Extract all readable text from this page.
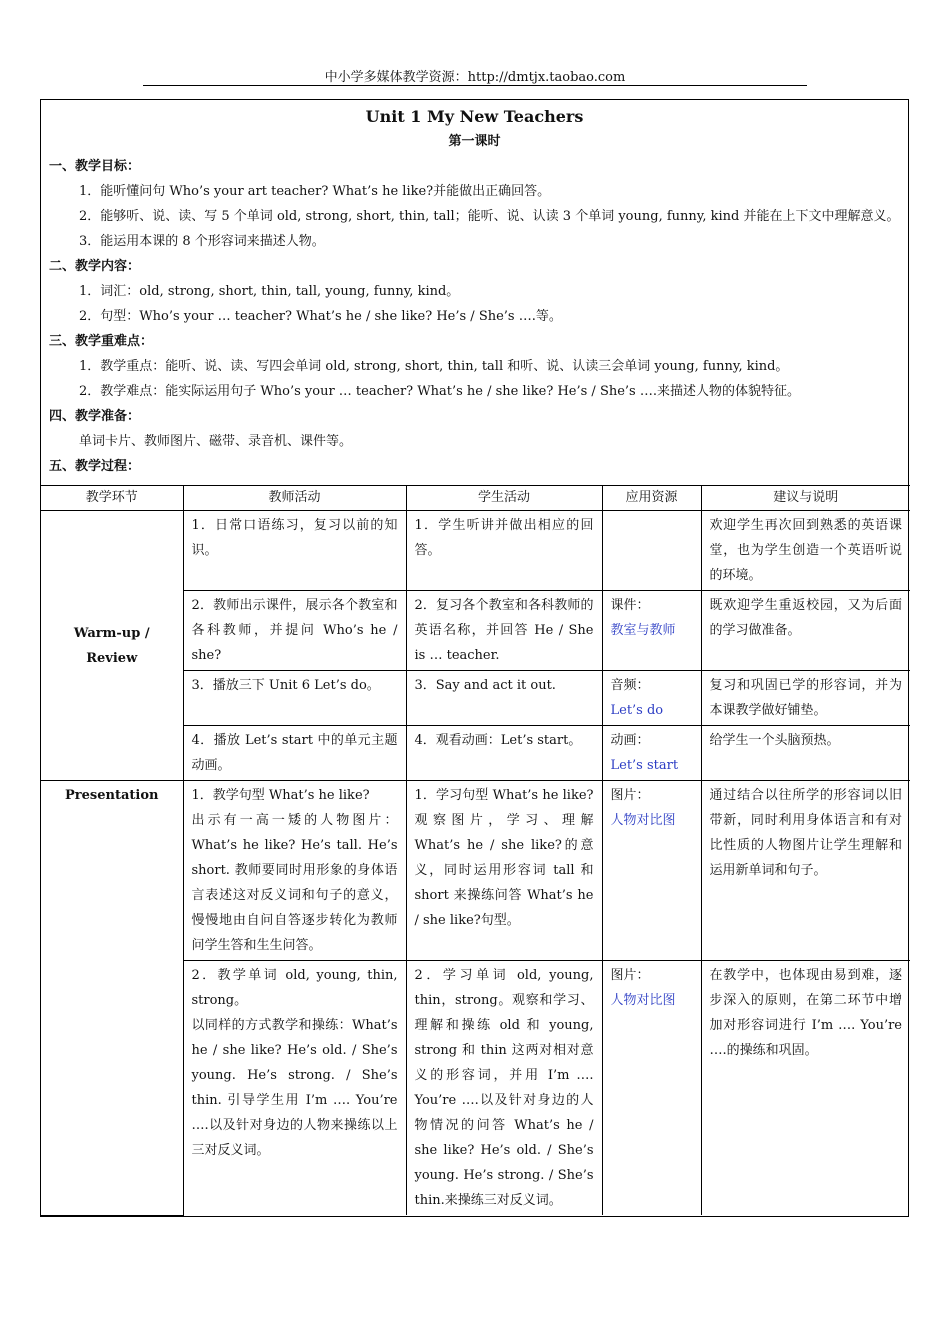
中小学多媒体教学资源：http://dmtjx.taobao.com
Unit 1 My New Teachers
第一课时
一、教学目标：
1．能听懂问句 Who’s your art teacher? What’s he like?并能做出正确回答。
2．能够听、说、读、写 5 个单词 old, strong, short, thin, tall；能听、说、认读 3 个单词 young, funny, kind 并能在上下文中理解意义。
3．能运用本课的 8 个形容词来描述人物。
二、教学内容：
1．词汇：old, strong, short, thin, tall, young, funny, kind。
2．句型：Who’s your … teacher? What’s he / she like? He’s / She’s ….等。
三、教学重难点：
1．教学重点：能听、说、读、写四会单词 old, strong, short, thin, tall 和听、说、认读三会单词 young, funny, kind。
2．教学难点：能实际运用句子 Who’s your … teacher? What’s he / she like? He’s / She’s ….来描述人物的体貌特征。
四、教学准备：
单词卡片、教师图片、磁带、录音机、课件等。
五、教学过程：
教学环节	教师活动	学生活动	应用资源	建议与说明
Warm-up / Review	1．日常口语练习，复习以前的知识。	1．学生听讲并做出相应的回答。		欢迎学生再次回到熟悉的英语课堂，也为学生创造一个英语听说的环境。
	2．教师出示课件，展示各个教室和各科教师，并提问 Who’s he / she?	2．复习各个教室和各科教师的英语名称，并回答 He / She is … teacher.	课件：
教室与教师	既欢迎学生重返校园，又为后面的学习做准备。
	3．播放三下 Unit 6 Let’s do。	3．Say and act it out.	音频：
Let’s do	复习和巩固已学的形容词，并为本课教学做好铺垫。
	4．播放 Let’s start 中的单元主题动画。	4．观看动画：Let’s start。	动画：
Let’s start	给学生一个头脑预热。
Presentation	1．教学句型 What’s he like?
出示有一高一矮的人物图片：What’s he like? He’s tall. He’s short. 教师要同时用形象的身体语言表述这对反义词和句子的意义，慢慢地由自问自答逐步转化为教师问学生答和生生问答。	1．学习句型 What’s he like? 观察图片，学习、理解 What’s he / she like?的意义，同时运用形容词 tall 和 short 来操练问答 What’s he / she like?句型。	图片：
人物对比图	通过结合以往所学的形容词以旧带新，同时利用身体语言和有对比性质的人物图片让学生理解和运用新单词和句子。

	2．教学单词 old, young, thin, strong。
以同样的方式教学和操练：What’s he / she like? He’s old. / She’s young. He’s strong. / She’s thin. 引导学生用 I’m …. You’re ….以及针对身边的人物来操练以上三对反义词。	2．学习单词 old, young, thin，strong。观察和学习、理解和操练 old 和 young, strong 和 thin 这两对相对意义的形容词，并用 I’m …. You’re ….以及针对身边的人物情况的问答 What’s he / she like? He’s old. / She’s young. He’s strong. / She’s thin.来操练三对反义词。	图片：
人物对比图	在教学中，也体现由易到难，逐步深入的原则，在第二环节中增加对形容词进行 I’m …. You’re ….的操练和巩固。
